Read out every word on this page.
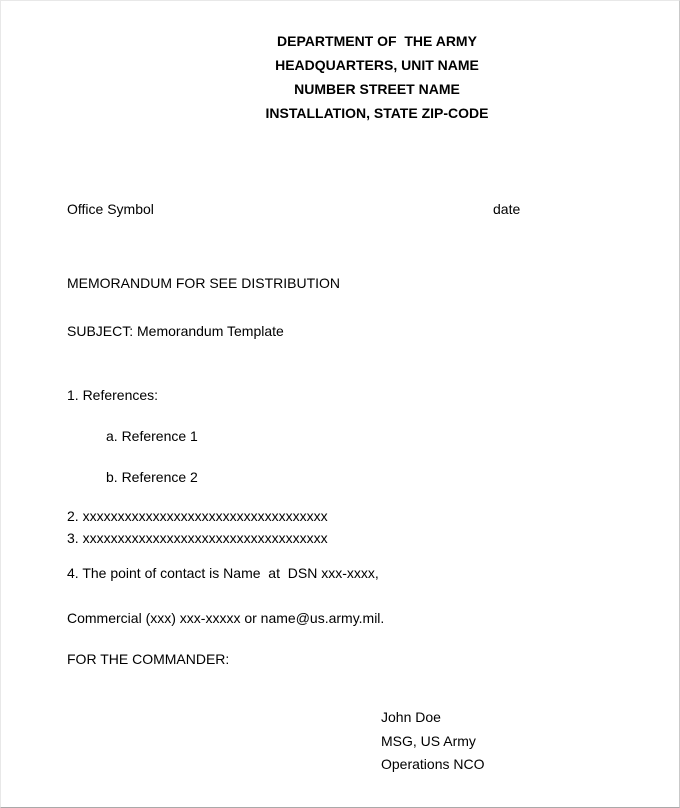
DEPARTMENT OF  THE ARMY
HEADQUARTERS, UNIT NAME
NUMBER STREET NAME
INSTALLATION, STATE ZIP-CODE
Office Symbol	date
MEMORANDUM FOR SEE DISTRIBUTION
SUBJECT: Memorandum Template
1. References:
a. Reference 1
b. Reference 2
2. xxxxxxxxxxxxxxxxxxxxxxxxxxxxxxxxxxx
3. xxxxxxxxxxxxxxxxxxxxxxxxxxxxxxxxxxx
4. The point of contact is Name  at  DSN xxx-xxxx,
Commercial (xxx) xxx-xxxxx or name@us.army.mil.
FOR THE COMMANDER:
John Doe
MSG, US Army
Operations NCO
